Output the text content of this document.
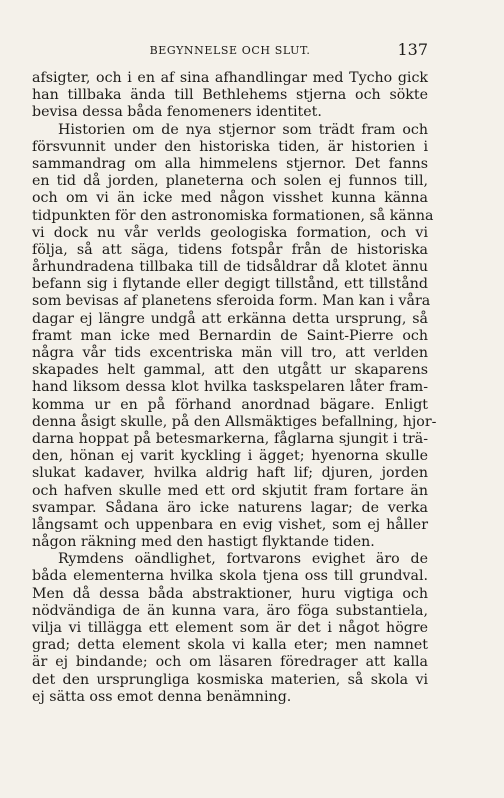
BEGYNNELSE OCH SLUT.	137
afsigter, och i en af sina afhandlingar med Tycho gick
han tillbaka ända till Bethlehems stjerna och sökte
bevisa dessa båda fenomeners identitet.
Historien om de nya stjernor som trädt fram och
försvunnit under den historiska tiden, är historien i
sammandrag om alla himmelens stjernor. Det fanns
en tid då jorden, planeterna och solen ej funnos till,
och om vi än icke med någon visshet kunna känna
tidpunkten för den astronomiska formationen, så känna
vi dock nu vår verlds geologiska formation, och vi
följa, så att säga, tidens fotspår från de historiska
århundradena tillbaka till de tidsåldrar då klotet ännu
befann sig i flytande eller degigt tillstånd, ett tillstånd
som bevisas af planetens sferoida form. Man kan i våra
dagar ej längre undgå att erkänna detta ursprung, så
framt man icke med Bernardin de Saint-Pierre och
några vår tids excentriska män vill tro, att verlden
skapades helt gammal, att den utgått ur skaparens
hand liksom dessa klot hvilka taskspelaren låter fram-
komma ur en på förhand anordnad bägare. Enligt
denna åsigt skulle, på den Allsmäktiges befallning, hjor-
darna hoppat på betesmarkerna, fåglarna sjungit i trä-
den, hönan ej varit kyckling i ägget; hyenorna skulle
slukat kadaver, hvilka aldrig haft lif; djuren, jorden
och hafven skulle med ett ord skjutit fram fortare än
svampar. Sådana äro icke naturens lagar; de verka
långsamt och uppenbara en evig vishet, som ej håller
någon räkning med den hastigt flyktande tiden.
Rymdens oändlighet, fortvarons evighet äro de
båda elementerna hvilka skola tjena oss till grundval.
Men då dessa båda abstraktioner, huru vigtiga och
nödvändiga de än kunna vara, äro föga substantiela,
vilja vi tillägga ett element som är det i något högre
grad; detta element skola vi kalla eter; men namnet
är ej bindande; och om läsaren föredrager att kalla
det den ursprungliga kosmiska materien, så skola vi
ej sätta oss emot denna benämning.
